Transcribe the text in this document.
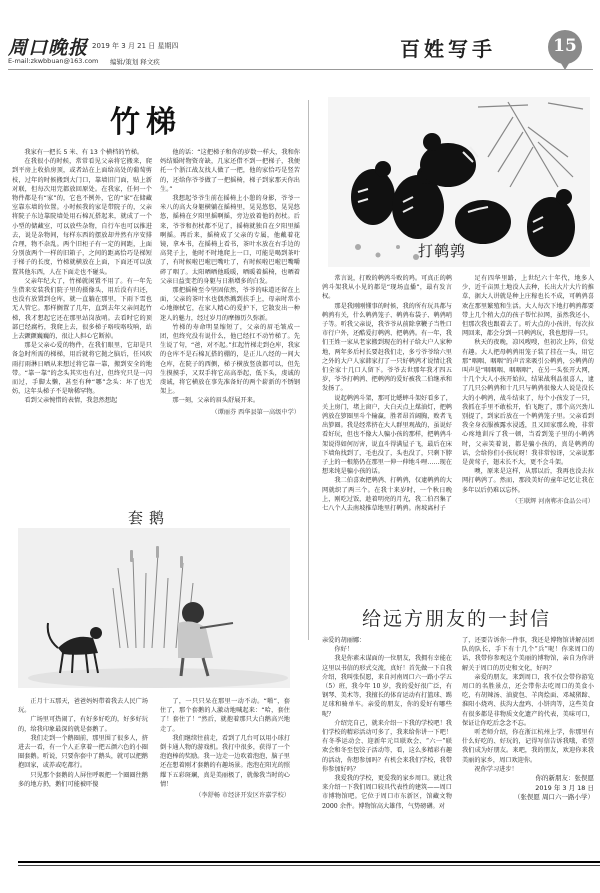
周口晚报 2019 年 3 月 21 日 星期四
E-mail:zkwbbuan@163.com 编辑/策划 释文疾
百姓写手	15
竹梯

我家有一把长 5 米、有 13 个横档的竹梯。

在我很小的时候，常常看见父亲将它搬来，爬到平房上收拾房顶，或者站在上面给高处的葡萄剪枝，过年的时候搬到大门口，靠墙旧门面，贴上新对联，但每次用完都放回原处。在我家，任何一个物件都是有“家”的，它也不例外，它的“家”在储藏室靠东墙的位置。小时候我的家是带院子的，父亲将院子东边靠院墙处用石棉瓦搭起来，就成了一个小型的储藏室，可以放些杂物，自行车也可以推进去，说是杂物间，每样东西的摆放却井然有序安排合理，物不杂乱。两个旧柜子有一定的间距，上面分别放两个一样的旧箱子，之间的距离恰巧是梯短于梯子的长度，竹梯就横放在上面，下面还可以放置其他东西，人在下面走也不碰头。

父亲年纪大了，竹梯就闲置不用了。有一年先生借来安装我们院子里的摄像头，用后没有归还，也没有放置到仓库，就一直躺在那里，下雨下雪也无人管它。那样搁置了几年，直到去年父亲问起竹梯，我才想起它还在那里站岗放哨。去看时它的顶部已经腐朽，我爬上去，很多梯子咯吱咯吱响，站上去颤颤巍巍的，很让人担心它断掉。

那是父亲心爱的物件，在我们眼里，它却是只备急时所需的梯梯，用后就将它抛之脑后，任风吹雨打雨淋日晒从来想过将它靠一靠，搬到安全的地带。“靠一靠”的念头其实也有过，但终究只是一闪而过，手脚太懒，甚至有种“哪”念头：坏了也无妨，这年头梯子不是啥稀罕物。

看到父亲惋惜的表情，我忽然想起

他的话：“这把梯子和你的岁数一样大，我和你妈结婚时物资奇缺，几家还借不到一把梯子，我便托一个浙江战友找人做了一把，他的家恰巧是竖苦的，还给你爷爷做了一把摇椅，梯子到家那天你出生。”

我想起爷爷生前在摇椅上小憩的身影，爷爷一米八的高大身躯横躺在摇椅里，晃晃悠悠，晃晃悠悠，摇椅在夕阳里摇啊摇，旁边放着他的拐杖。后来，爷爷和拐杖都不见了，摇椅就独自在夕阳里摇啊摇。再后来，摇椅成了父亲的专属，他戴着花镜，拿本书，在摇椅上看书，茶叶水放在右手边的高凳子上，他时不时地爬上一口，可能是喝到茶叶了，有时候啦巴啦巴嘴吐了，有时候啦巴啦巴嘴嚼碎了咽了。太阳晒晒他暖暖，晒暖着摇椅，也晒着父亲日益变老的身躯与日渐增多的白发。

那把摇椅至今坚固依然，爷爷的味道还留在上面，父亲的茶叶水也偶然溅到扶手上，母亲时常小心地擦拭它，在家人精心的爱护下，它散发出一种迷人的魅力，经过岁月的摩擦历久弥新。

竹梯的寿命明显缩短了，父亲的眉毛皱成一团，但终究没有说什么，他已经扛不动竹梯了。先生说了句，“爸，对不起。”扛起竹梯走到仓库，我家的仓库不是石棉瓦搭的棚的，是正儿八经的一间大仓库，在院子的西侧，梯子横放竖放都可以，但先生摸摸手，又双手将它高高举起，低下头，虔诚的虔诚，将它横放在事先准备好的两个崭新的不锈钢架上。

那一刻，父亲的眉头舒展开来。

（谭丽芬 西华县第一高级中学）
套鹅

正月十五那天，爸爸妈妈带着我去人民广场玩。

广场里可热闹了，有好多好吃的，好多好玩的，给我印象最深的就是套鹅了。

我们走到一个鹅圈前，那里围了很多人，挤进去一看，有一个人正拿着一把五颜六色的小圈圈套鹅。听说，只要你套中了鹅头，就可以把鹅抱回家，或养或吃都行。

只见那个套鹅的人屏住呼吸把一个圈圈往鹅多的地方扔，鹅们可能被吓傻

了，一只只呆在那里一动不动。“啪”，套住了，那个套鹅的人激动地喊起来：“哈，套住了！套住了！”然后，就抱着那只大白鹅高兴地走了。

我们继续往前走，看到了几台可以用小球打倒卡通人物的游戏机。我打中很多，获得了一个泡泡棒的奖励。我一边走一边吹着泡泡，脑子里还在想着刚才套鹅的有趣场景。泡泡在阳光的照耀下五彩斑斓，真是美丽极了，就像我当时的心情！

（李舒畅 市经济开发区许嘉学校）
打鹌鹑

常言说，打败的鹌鹑斗败的鸡。可真正的鹌鹑斗架我从小见的都是“现场直播”，最有发言权。

那是我刚刚懂事的时候，我的所有玩具都与鹌鹑有关，什么鹌鹑笼子、鹌鹑布袋子、鹌鹑哨子等。听我父亲说，我爷爷从前除拿鞭子当牲口市行户外，还酷爱打鹌鹑、把鹌鹑。有一年，我们王姓一家从老家搬到现在的村子给大户人家种地，两年多后村长要赶我们走，多亏爷爷给六里之外的大户人家韩家打了一只好鹌鹑才说情让我们全家十几口人留下。爷爷去世那年我才四五岁，爷爷打鹌鹑、把鹌鹑的爱好被我二伯继承和发扬了。

说起鹌鹑斗架，那可比蟋蟀斗架好看多了，关上房门，堵上窗户，大白天点上煤油灯，把鹌鹑放在箩圈里斗个输赢，胜者昂首阔胸，败者飞出箩圈。我是经常挤在大人群里观战的，虽说好看好玩，但也不像大人骗小孩的那样，把鹌鹑斗架说得如何厉害，说直斗得满屋子飞，最后在床下墙角找到了，毛也没了，头也没了，只剩下脖子上的一根筋仍在那里一伸一伸地斗哩……现在想来纯是骗小孩的话。

我二伯喜欢把鹌鹑、打鹌鹑，仅逮鹌鹑的大网就织了两三个。在我十来岁时，一个秋日晚上，刚吃过饭，趁着明亮的月光，我二伯召集了七八个人去南坡推草地里打鹌鹑。南坡离村子

足有四华里路，上世纪六十年代，地多人少，近千亩黑土地没人去种，长出大片大片的推草，据大人讲就是种上庄稼也长不成，可鹌鹑喜欢在那里繁殖和生活。大人每次下地打鹌鹑都要带上几个稍大点的孩子帮忙拉网，虽然我还小，但那次我也跟着去了。听大点的小孩讲，每次拉网回来，都会分到一只鹌鹑玩，我也想得一只。

秋天的夜晚，凉风嗖嗖，但初次上阵，倍觉有趣。大人把母鹌鹑用笼子装了挂在一头，用它那“咽咽、咽咽”的声音来吸引公鹌鹑，公鹌鹑的叫声是“咽咽咽、咽咽咽”，在另一头张开大网，十几个大人小孩开始拉，结果战利品很喜人，逮了几只公鹌鹑和十几只与鹌鹑很像大人说是没长大的小鹌鹑，战斗结束了，每个小孩发了一只，我抓在手里不敢松开，怕飞跑了，那个高兴劲儿别提了，到家后放在一个鹌鹑笼子里。父亲看到我全身衣服被露水浸透，且又回家那么晚，非常心疼地训斥了我一顿，当看到笼子里的小鹌鹑时，父亲笑着说，都是骗小孩的，真是鹌鹑的话，会给你们小孩玩呀！我非常惊讶，父亲说那是黄莺子，翅末长不大，更不会斗架。

噢，原来是这样，从那以后，我再也没去拉网打鹌鹑了。然而，那段美好的童年记忆让我在多年以后仍难以忘怀。

（王联辉 河南郸亦食品公司）
给远方朋友的一封信

亲爱的胡丽娜：

你好！

我是你素未谋面的一位朋友，我拥有幸能在这里以书信的形式交流，真好！首先做一下自我介绍，我叫张俣愿，来自河南周口六一路小学五（5）班，我今年 10 岁，我的爱好很广泛，有钢琴、美术等，我擅长的体育运动有打篮球、踢足球和骑单车。亲爱的朋友，你的爱好有哪些呢？

介绍完自己，就来介绍一下我的学校吧！我们学校的精彩活动可多了，我来给你讲一下吧！有冬季运动会、迎新年元旦联欢会、“六一”联欢会和冬至包饺子活动等，看，这么多精彩有趣的活动，你想参加吗？有机会来我们学校，我带你参加好吗？

我爱我的学校，更爱我的家乡周口。就让我来介绍一下我们周口较具代表性的建筑——周口市博物馆吧。它位于周口市东新区，馆藏文物 2000 余件。博物馆高大雄伟，气势磅礴。对

了，还要告诉你一件事，我还是博物馆讲解员团队的队长，手下有十几个“兵”呢！你来周口的话，我带你参观这个美丽的博物馆，亲自为你讲解关于周口的历史和文化，好吗？

亲爱的朋友，来到周口，我不仅会带你游览周口的名胜景点，还会带你去吃周口的美食小吃，有胡辣汤、油旋包、羊肉烩面、邓城猪蹄、淮阳小烧鸡、扶沟大盘鸡、小饼肉等，这些美食有很多都是非物质文化遗产的代表，美味可口，保证让你吃后念念不忘。

听老师介绍，你在浙江杭州上学，你那里有什么好吃的、好玩的，记得写信告诉我哦，希望我们成为好朋友。来吧，我的朋友，欢迎你来我美丽的家乡，周口欢迎你。

祝你学习进步！

你的新朋友：张俣愿
2019 年 3 月 18 日
（张俣愿 周口六一路小学）
